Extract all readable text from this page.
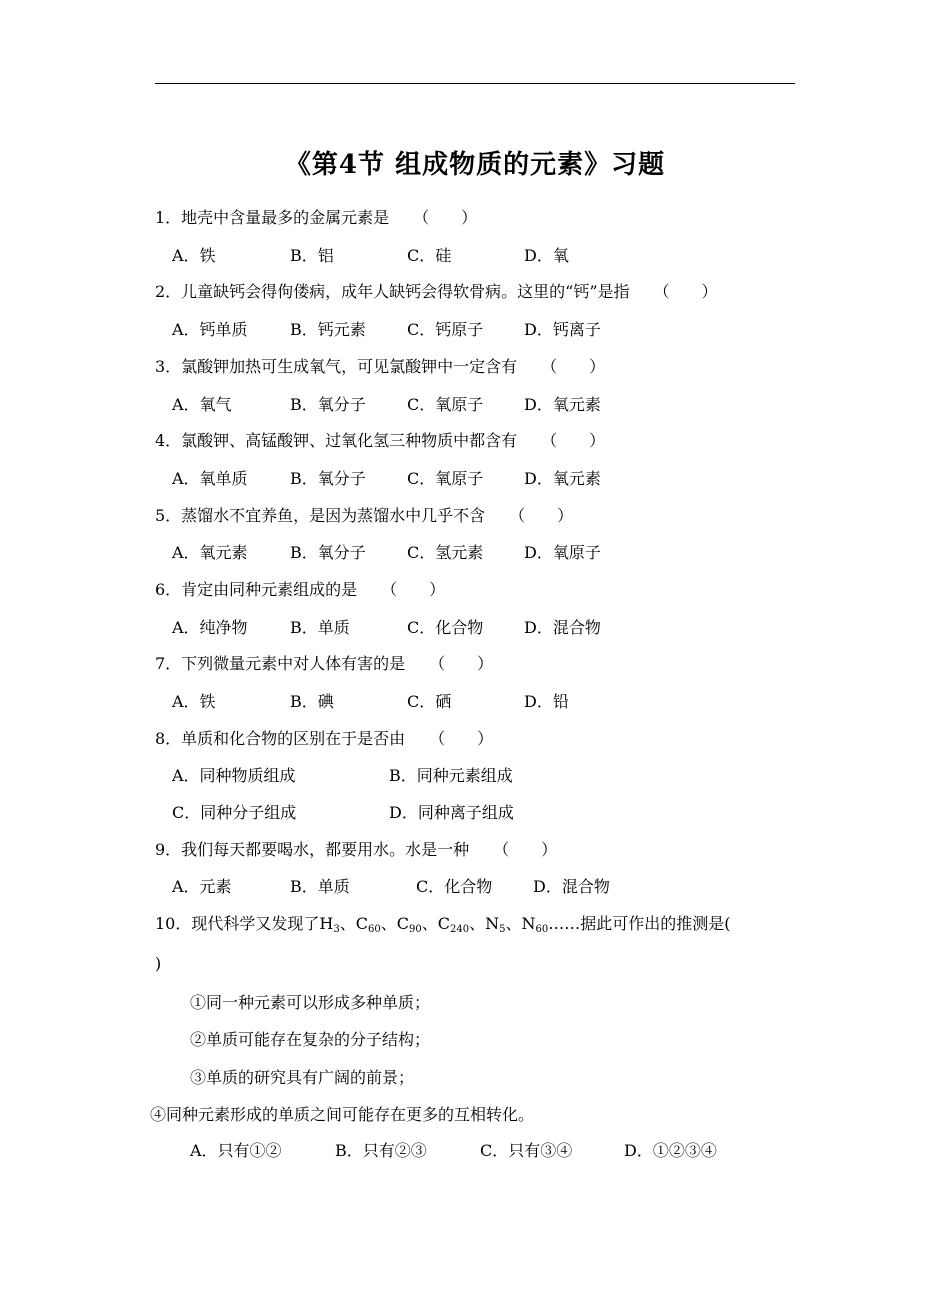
《第4节 组成物质的元素》习题
1．地壳中含量最多的金属元素是　　（　　）
A．铁	B．铝	C．硅	D．氧
2．儿童缺钙会得佝偻病，成年人缺钙会得软骨病。这里的“钙”是指　　（　　）
A．钙单质	B．钙元素	C．钙原子	D．钙离子
3．氯酸钾加热可生成氧气，可见氯酸钾中一定含有　　（　　）
A．氧气	B．氧分子	C．氧原子	D．氧元素
4．氯酸钾、高锰酸钾、过氧化氢三种物质中都含有　　（　　）
A．氧单质	B．氧分子	C．氧原子	D．氧元素
5．蒸馏水不宜养鱼，是因为蒸馏水中几乎不含　　（　　）
A．氧元素	B．氧分子	C．氢元素	D．氧原子
6．肯定由同种元素组成的是　　（　　）
A．纯净物	B．单质	C．化合物	D．混合物
7．下列微量元素中对人体有害的是　　（　　）
A．铁	B．碘	C．硒	D．铅
8．单质和化合物的区别在于是否由　　（　　）
A．同种物质组成	B．同种元素组成
C．同种分子组成	D．同种离子组成
9．我们每天都要喝水，都要用水。水是一种　　（　　）
A．元素	B．单质	C．化合物	D．混合物
10．现代科学又发现了$H_3$、$C_{60}$、$C_{90}$、$C_{240}$、$N_5$、$N_{60}\dots\dots$据此可作出的推测是(
)
①同一种元素可以形成多种单质；
②单质可能存在复杂的分子结构；
③单质的研究具有广阔的前景；
④同种元素形成的单质之间可能存在更多的互相转化。
A．只有①②	B．只有②③	C．只有③④	D．①②③④
